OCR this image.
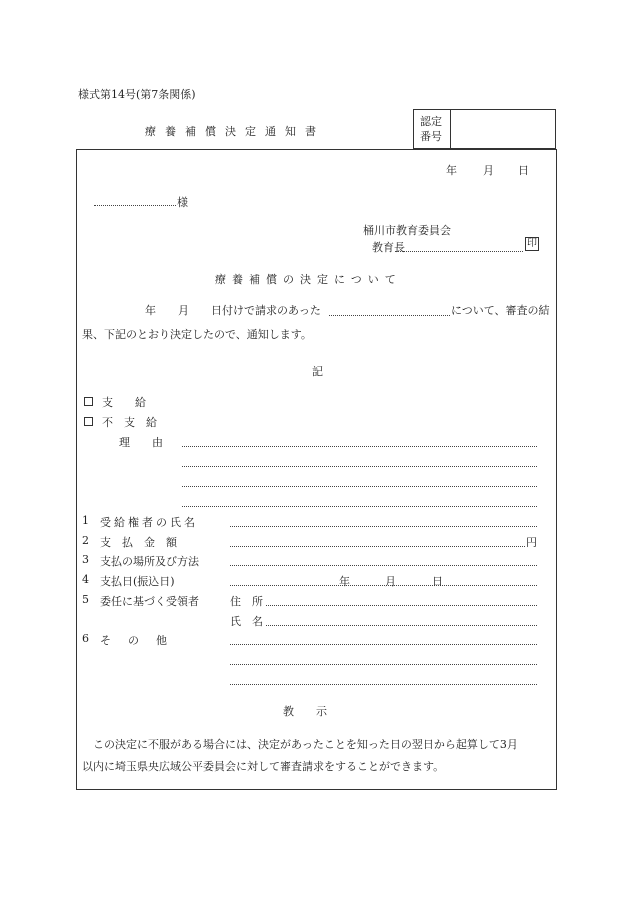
様式第14号(第7条関係)
療養補償決定通知書
認定番号
年 月 日
様
桶川市教育委員会
教育長	印
療養補償の決定について
年 月 日付けで請求のあった	について、審査の結
果、下記のとおり決定したので、通知します。
記
支　　給
不　支　給
理　　由
1 受給権者の氏名
2 支　払　金　額	円
3 支払の場所及び方法
4 支払日(振込日)	年	月	日
5 委任に基づく受領者	住　所
氏　名
6 そ　の　他
教　　示
この決定に不服がある場合には、決定があったことを知った日の翌日から起算して3月
以内に埼玉県央広域公平委員会に対して審査請求をすることができます。
